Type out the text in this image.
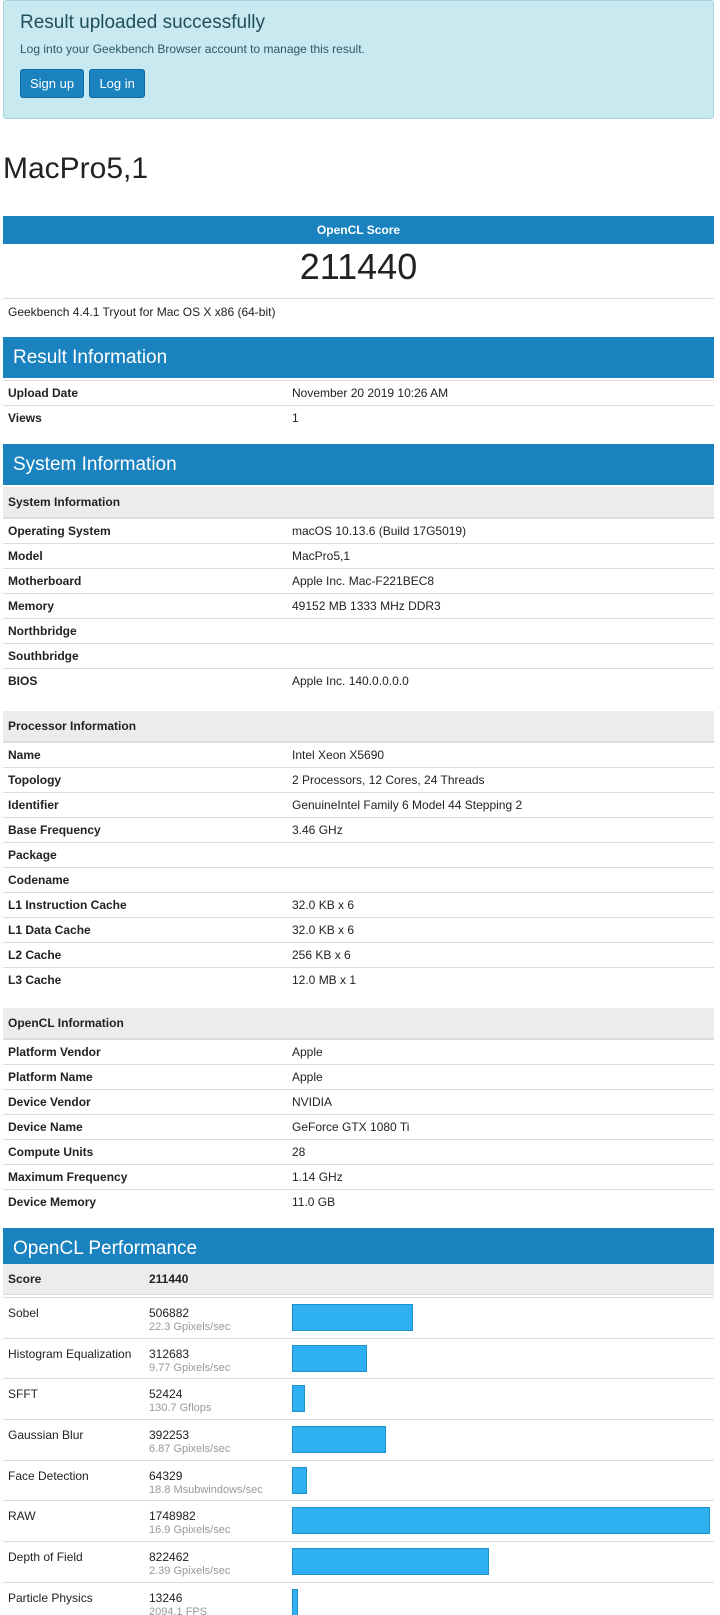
Result uploaded successfully

Log into your Geekbench Browser account to manage this result.

Sign up Log in
MacPro5,1
OpenCL Score
211440
Geekbench 4.4.1 Tryout for Mac OS X x86 (64-bit)
Result Information
Upload Date	November 20 2019 10:26 AM
Views	1
System Information
System Information
Operating System	macOS 10.13.6 (Build 17G5019)
Model	MacPro5,1
Motherboard	Apple Inc. Mac-F221BEC8
Memory	49152 MB 1333 MHz DDR3
Northbridge
Southbridge
BIOS	Apple Inc. 140.0.0.0.0
Processor Information
Name	Intel Xeon X5690
Topology	2 Processors, 12 Cores, 24 Threads
Identifier	GenuineIntel Family 6 Model 44 Stepping 2
Base Frequency	3.46 GHz
Package
Codename
L1 Instruction Cache	32.0 KB x 6
L1 Data Cache	32.0 KB x 6
L2 Cache	256 KB x 6
L3 Cache	12.0 MB x 1
OpenCL Information
Platform Vendor	Apple
Platform Name	Apple
Device Vendor	NVIDIA
Device Name	GeForce GTX 1080 Ti
Compute Units	28
Maximum Frequency	1.14 GHz
Device Memory	11.0 GB
OpenCL Performance
Score	211440
Sobel	506882
22.3 Gpixels/sec
Histogram Equalization 312683
9.77 Gpixels/sec
SFFT	52424
130.7 Gflops
Gaussian Blur	392253
6.87 Gpixels/sec
Face Detection	64329
18.8 Msubwindows/sec
RAW	1748982
16.9 Gpixels/sec
Depth of Field	822462
2.39 Gpixels/sec
Particle Physics	13246
2094.1 FPS
